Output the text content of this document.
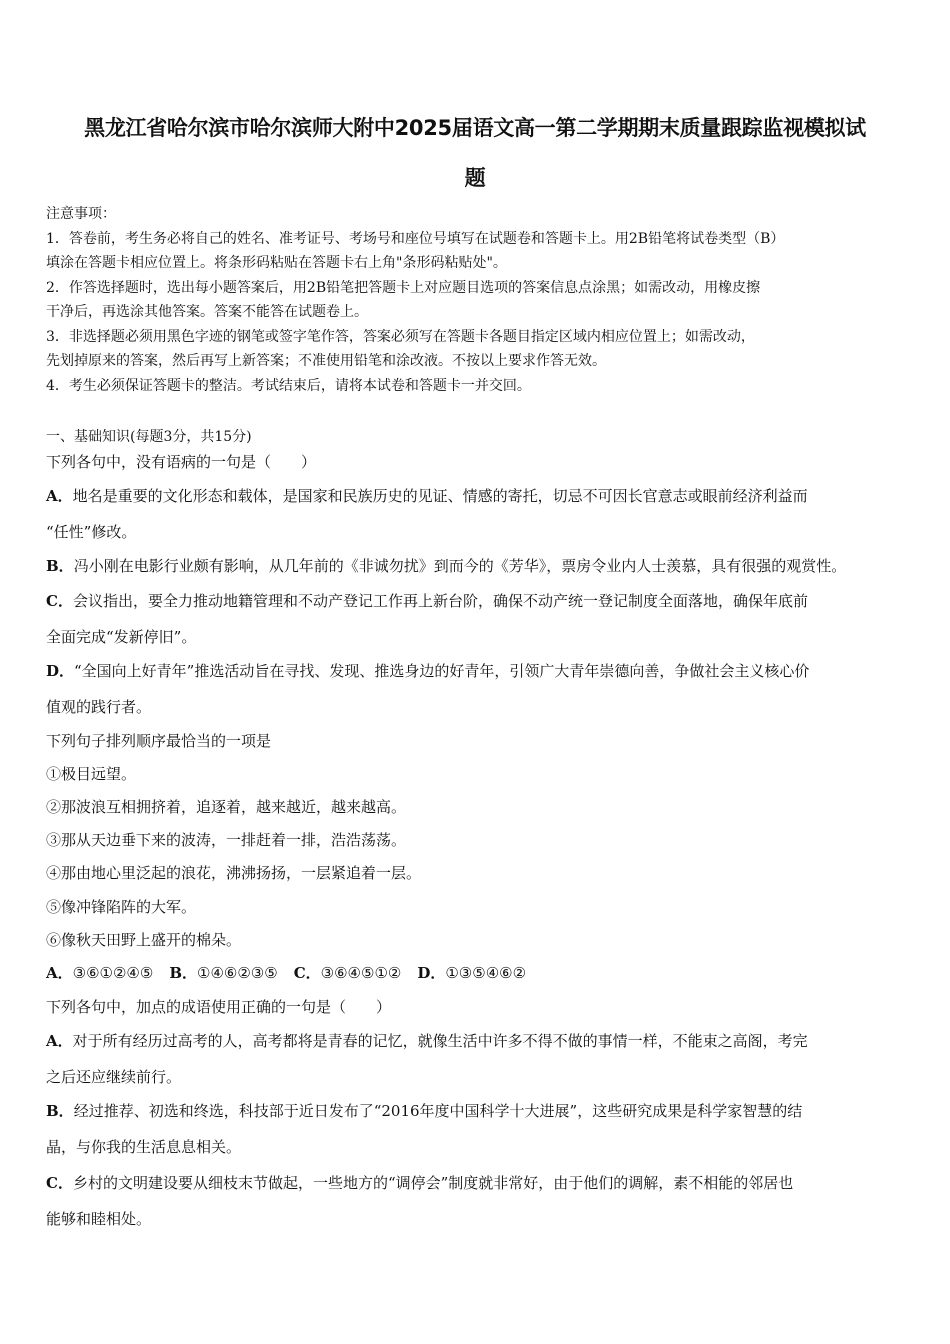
黑龙江省哈尔滨市哈尔滨师大附中2025届语文高一第二学期期末质量跟踪监视模拟试
题
注意事项：
1．答卷前，考生务必将自己的姓名、准考证号、考场号和座位号填写在试题卷和答题卡上。用2B铅笔将试卷类型（B）
填涂在答题卡相应位置上。将条形码粘贴在答题卡右上角"条形码粘贴处"。
2．作答选择题时，选出每小题答案后，用2B铅笔把答题卡上对应题目选项的答案信息点涂黑；如需改动，用橡皮擦
干净后，再选涂其他答案。答案不能答在试题卷上。
3．非选择题必须用黑色字迹的钢笔或签字笔作答，答案必须写在答题卡各题目指定区域内相应位置上；如需改动，
先划掉原来的答案，然后再写上新答案；不准使用铅笔和涂改液。不按以上要求作答无效。
4．考生必须保证答题卡的整洁。考试结束后，请将本试卷和答题卡一并交回。
一、基础知识(每题3分，共15分)
下列各句中，没有语病的一句是（　　）
A．地名是重要的文化形态和载体，是国家和民族历史的见证、情感的寄托，切忌不可因长官意志或眼前经济利益而
“任性”修改。
B．冯小刚在电影行业颇有影响，从几年前的《非诚勿扰》到而今的《芳华》，票房令业内人士羡慕，具有很强的观赏性。
C．会议指出，要全力推动地籍管理和不动产登记工作再上新台阶，确保不动产统一登记制度全面落地，确保年底前
全面完成“发新停旧”。
D．“全国向上好青年”推选活动旨在寻找、发现、推选身边的好青年，引领广大青年崇德向善，争做社会主义核心价
值观的践行者。
下列句子排列顺序最恰当的一项是
①极目远望。
②那波浪互相拥挤着，追逐着，越来越近，越来越高。
③那从天边垂下来的波涛，一排赶着一排，浩浩荡荡。
④那由地心里泛起的浪花，沸沸扬扬，一层紧追着一层。
⑤像冲锋陷阵的大军。
⑥像秋天田野上盛开的棉朵。
A．③⑥①②④⑤ B．①④⑥②③⑤ C．③⑥④⑤①② D．①③⑤④⑥②
下列各句中，加点的成语使用正确的一句是（　　）
A．对于所有经历过高考的人，高考都将是青春的记忆，就像生活中许多不得不做的事情一样，不能束之高阁，考完
之后还应继续前行。
B．经过推荐、初选和终选，科技部于近日发布了“2016年度中国科学十大进展”，这些研究成果是科学家智慧的结
晶，与你我的生活息息相关。
C．乡村的文明建设要从细枝末节做起，一些地方的“调停会”制度就非常好，由于他们的调解，素不相能的邻居也
能够和睦相处。
